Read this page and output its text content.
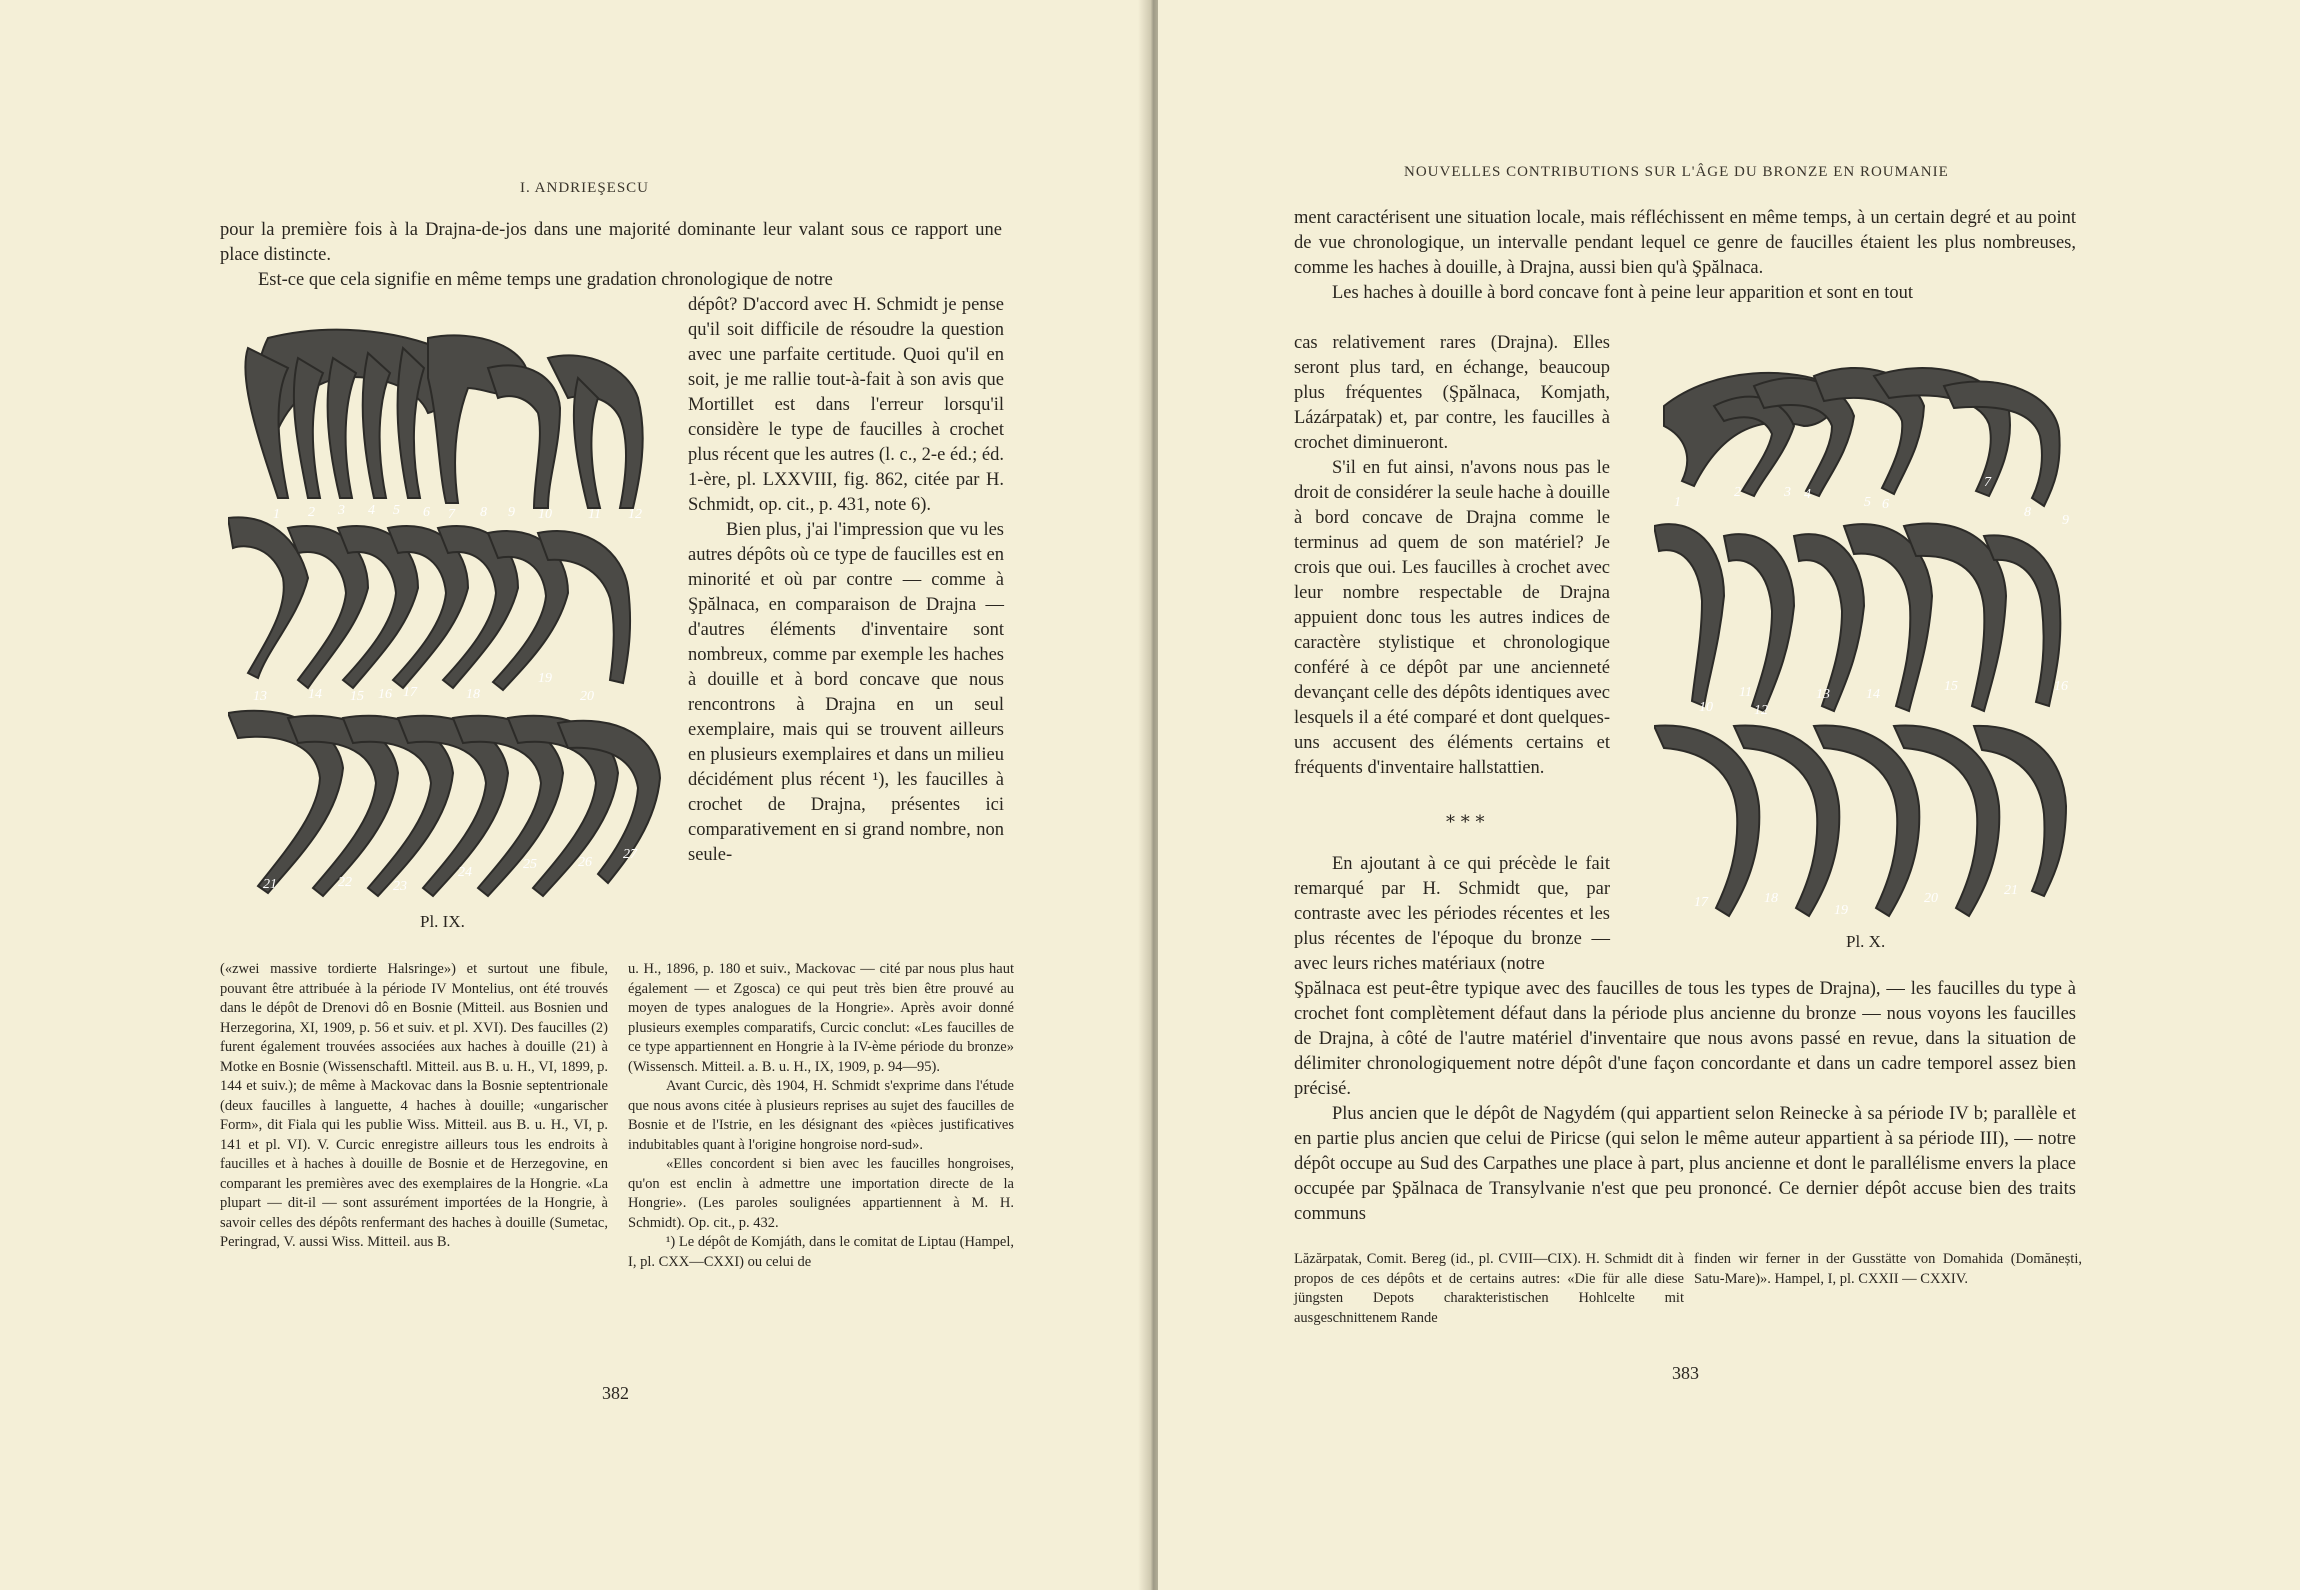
I. ANDRIEŞESCU

pour la première fois à la Drajna-de-jos dans une majorité dominante leur valant sous ce rapport une place distincte.

Est-ce que cela signifie en même temps une gradation chronologique de notre

1 2 3 4 5 6 7 8 9 10	11 12
13	14 15 16 17	18
19
20
21	22	23
24
25	26
27
Pl. IX.

dépôt? D'accord avec H. Schmidt je pense qu'il soit difficile de résoudre la question avec une parfaite certitude. Quoi qu'il en soit, je me rallie tout-à-fait à son avis que Mortillet est dans l'erreur lorsqu'il considère le type de faucilles à crochet plus récent que les autres (l. c., 2-e éd.; éd. 1-ère, pl. LXXVIII, fig. 862, citée par H. Schmidt, op. cit., p. 431, note 6).

Bien plus, j'ai l'impression que vu les autres dépôts où ce type de faucilles est en minorité et où par contre — comme à Şpălnaca, en comparaison de Drajna — d'autres éléments d'inventaire sont nombreux, comme par exemple les haches à douille et à bord concave que nous rencontrons à Drajna en un seul exemplaire, mais qui se trouvent ailleurs en plusieurs exemplaires et dans un milieu décidément plus récent ¹), les faucilles à crochet de Drajna, présentes ici comparativement en si grand nombre, non seule-

(«zwei massive tordierte Halsringe») et surtout une fibule, pouvant être attribuée à la période IV Montelius, ont été trouvés dans le dépôt de Drenovi dô en Bosnie (Mitteil. aus Bosnien und Herzegorina, XI, 1909, p. 56 et suiv. et pl. XVI). Des faucilles (2) furent également trouvées associées aux haches à douille (21) à Motke en Bosnie (Wissenschaftl. Mitteil. aus B. u. H., VI, 1899, p. 144 et suiv.); de même à Mackovac dans la Bosnie septentrionale (deux faucilles à languette, 4 haches à douille; «ungarischer Form», dit Fiala qui les publie Wiss. Mitteil. aus B. u. H., VI, p. 141 et pl. VI). V. Curcic enregistre ailleurs tous les endroits à faucilles et à haches à douille de Bosnie et de Herzegovine, en comparant les premières avec des exemplaires de la Hongrie. «La plupart — dit-il — sont assurément importées de la Hongrie, à savoir celles des dépôts renfermant des haches à douille (Sumetac, Peringrad, V. aussi Wiss. Mitteil. aus B.

u. H., 1896, p. 180 et suiv., Mackovac — cité par nous plus haut également — et Zgosca) ce qui peut très bien être prouvé au moyen de types analogues de la Hongrie». Après avoir donné plusieurs exemples comparatifs, Curcic conclut: «Les faucilles de ce type appartiennent en Hongrie à la IV-ème période du bronze» (Wissensch. Mitteil. a. B. u. H., IX, 1909, p. 94—95).

Avant Curcic, dès 1904, H. Schmidt s'exprime dans l'étude que nous avons citée à plusieurs reprises au sujet des faucilles de Bosnie et de l'Istrie, en les désignant des «pièces justificatives indubitables quant à l'origine hongroise nord-sud».

«Elles concordent si bien avec les faucilles hongroises, qu'on est enclin à admettre une importation directe de la Hongrie». (Les paroles soulignées appartiennent à M. H. Schmidt). Op. cit., p. 432.

¹) Le dépôt de Komjáth, dans le comitat de Liptau (Hampel, I, pl. CXX—CXXI) ou celui de

382
NOUVELLES CONTRIBUTIONS SUR L'ÂGE DU BRONZE EN ROUMANIE

ment caractérisent une situation locale, mais réfléchissent en même temps, à un certain degré et au point de vue chronologique, un intervalle pendant lequel ce genre de faucilles étaient les plus nombreuses, comme les haches à douille, à Drajna, aussi bien qu'à Şpălnaca.

Les haches à douille à bord concave font à peine leur apparition et sont en tout

cas relativement rares (Drajna). Elles seront plus tard, en échange, beaucoup plus fréquentes (Şpălnaca, Komjath, Lázárpatak) et, par contre, les faucilles à crochet diminueront.

S'il en fut ainsi, n'avons nous pas le droit de considérer la seule hache à douille à bord concave de Drajna comme le terminus ad quem de son matériel? Je crois que oui. Les faucilles à crochet avec leur nombre respectable de Drajna appuient donc tous les autres indices de caractère stylistique et chronologique conféré à ce dépôt par une ancienneté devançant celle des dépôts identiques avec lesquels il a été comparé et dont quelques-uns accusent des éléments certains et fréquents d'inventaire hallstattien.

* * *

En ajoutant à ce qui précède le fait remarqué par H. Schmidt que, par contraste avec les périodes récentes et les plus récentes de l'époque du bronze — avec leurs riches matériaux (notre

Şpălnaca est peut-être typique avec des faucilles de tous les types de Drajna), — les faucilles du type à crochet font complètement défaut dans la période plus ancienne du bronze — nous voyons les faucilles de Drajna, à côté de l'autre matériel d'inventaire que nous avons passé en revue, dans la situation de délimiter chronologiquement notre dépôt d'une façon concordante et dans un cadre temporel assez bien précisé.

Plus ancien que le dépôt de Nagydém (qui appartient selon Reinecke à sa période IV b; parallèle et en partie plus ancien que celui de Piricse (qui selon le même auteur appartient à sa période III), — notre dépôt occupe au Sud des Carpathes une place à part, plus ancienne et dont le parallélisme envers la place occupée par Şpălnaca de Transylvanie n'est que peu prononcé. Ce dernier dépôt accuse bien des traits communs

1
2	3 4
5 6
7
8
9
10
11
12
13	14
15	16
17	18
19
20
21
Pl. X.

Lăzărpatak, Comit. Bereg (id., pl. CVIII—CIX). H. Schmidt dit à propos de ces dépôts et de certains autres: «Die für alle diese jüngsten Depots charakteristischen Hohlcelte mit ausgeschnittenem Rande

finden wir ferner in der Gusstätte von Domahida (Domănești, Satu-Mare)». Hampel, I, pl. CXXII — CXXIV.

383
